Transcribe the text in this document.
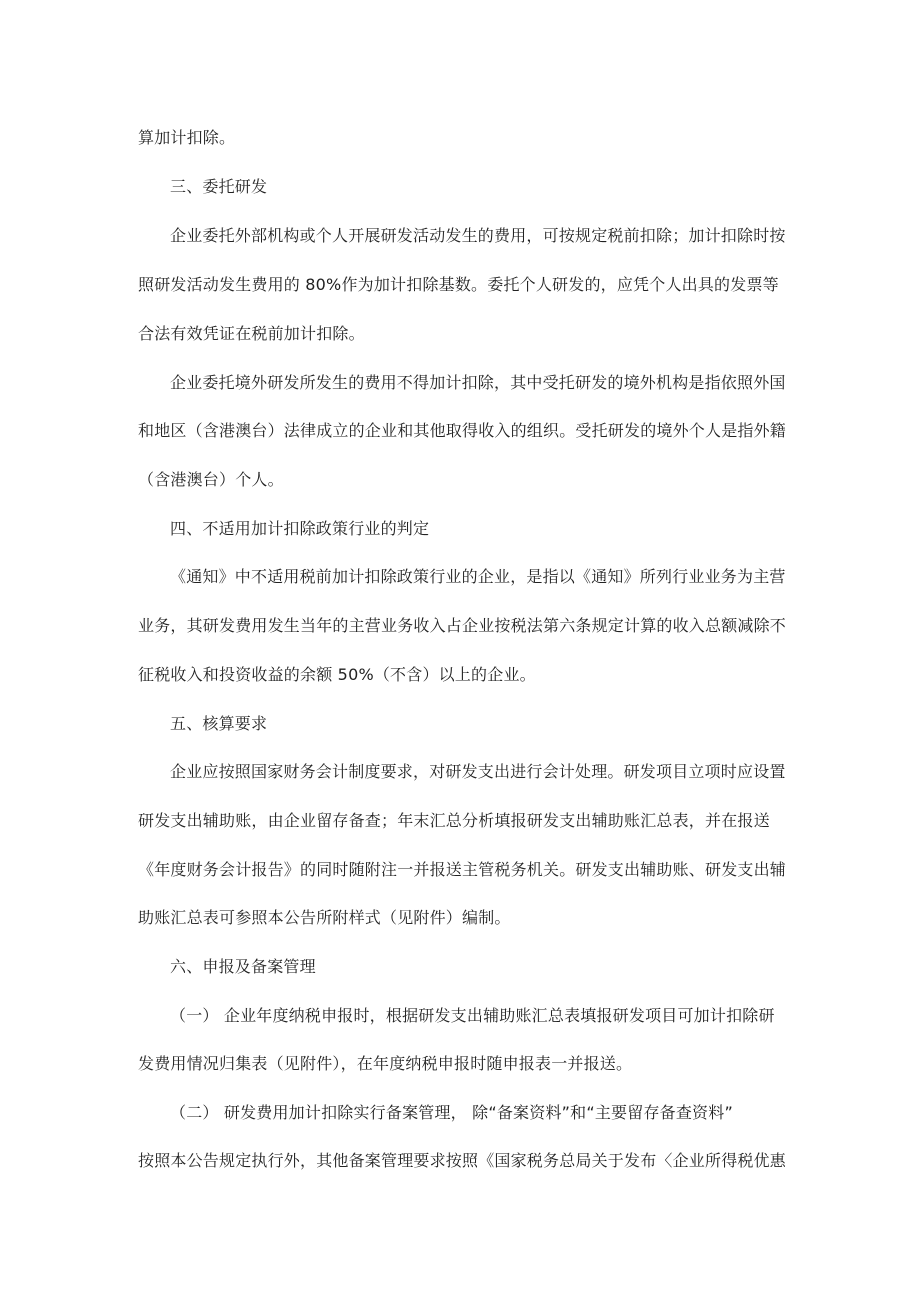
算加计扣除。
三、委托研发
企业委托外部机构或个人开展研发活动发生的费用，可按规定税前扣除；加计扣除时按
照研发活动发生费用的 80%作为加计扣除基数。委托个人研发的，应凭个人出具的发票等
合法有效凭证在税前加计扣除。
企业委托境外研发所发生的费用不得加计扣除，其中受托研发的境外机构是指依照外国
和地区（含港澳台）法律成立的企业和其他取得收入的组织。受托研发的境外个人是指外籍
（含港澳台）个人。
四、不适用加计扣除政策行业的判定
《通知》中不适用税前加计扣除政策行业的企业，是指以《通知》所列行业业务为主营
业务，其研发费用发生当年的主营业务收入占企业按税法第六条规定计算的收入总额减除不
征税收入和投资收益的余额 50%（不含）以上的企业。
五、核算要求
企业应按照国家财务会计制度要求，对研发支出进行会计处理。研发项目立项时应设置
研发支出辅助账，由企业留存备查；年末汇总分析填报研发支出辅助账汇总表，并在报送
《年度财务会计报告》的同时随附注一并报送主管税务机关。研发支出辅助账、研发支出辅
助账汇总表可参照本公告所附样式（见附件）编制。
六、申报及备案管理
（一） 企业年度纳税申报时，根据研发支出辅助账汇总表填报研发项目可加计扣除研
发费用情况归集表（见附件），在年度纳税申报时随申报表一并报送。
（二） 研发费用加计扣除实行备案管理， 除“备案资料”和“主要留存备查资料”
按照本公告规定执行外，其他备案管理要求按照《国家税务总局关于发布〈企业所得税优惠
